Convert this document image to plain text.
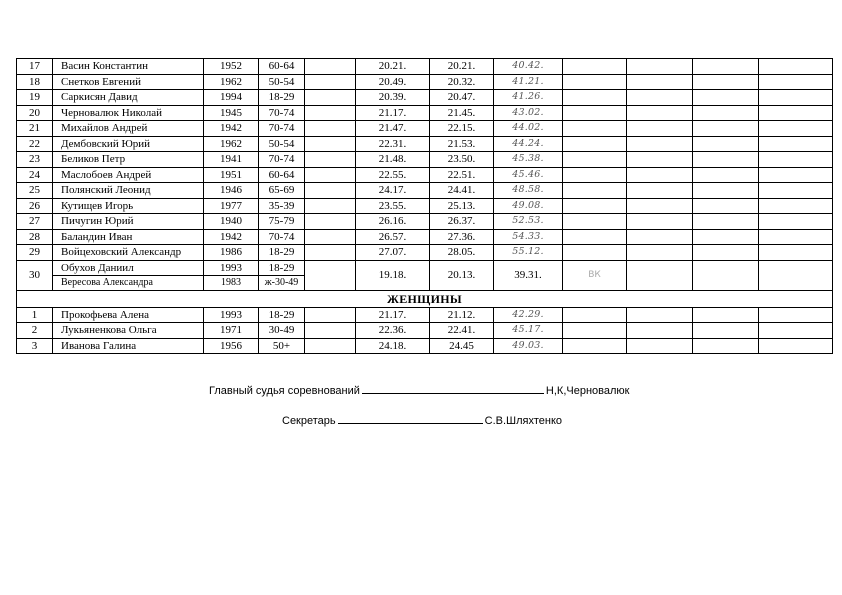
17	Васин Константин	1952	60-64		20.21.	20.21.	40.42.				
18	Снетков Евгений	1962	50-54		20.49.	20.32.	41.21.				
19	Саркисян Давид	1994	18-29		20.39.	20.47.	41.26.				
20	Черновалюк Николай	1945	70-74		21.17.	21.45.	43.02.				
21	Михайлов Андрей	1942	70-74		21.47.	22.15.	44.02.				
22	Дембовский Юрий	1962	50-54		22.31.	21.53.	44.24.				
23	Беликов Петр	1941	70-74		21.48.	23.50.	45.38.				
24	Маслобоев Андрей	1951	60-64		22.55.	22.51.	45.46.				
25	Полянский Леонид	1946	65-69		24.17.	24.41.	48.58.				
26	Кутищев Игорь	1977	35-39		23.55.	25.13.	49.08.				
27	Пичугин Юрий	1940	75-79		26.16.	26.37.	52.53.				
28	Баландин Иван	1942	70-74		26.57.	27.36.	54.33.				
29	Войцеховский Александр	1986	18-29		27.07.	28.05.	55.12.				
30	Обухов Даниил	1993	18-29		19.18.	20.13.	39.31.	ВК			
	Вересова Александра	1983	ж-30-49								
ЖЕНЩИНЫ											
1	Прокофьева Алена	1993	18-29		21.17.	21.12.	42.29.				
2	Лукьяненкова Ольга	1971	30-49		22.36.	22.41.	45.17.				
3	Иванова Галина	1956	50+		24.18.	24.45	49.03.				
Главный судья соревнований	Н,К,Черновалюк
Секретарь	С.В.Шляхтенко
